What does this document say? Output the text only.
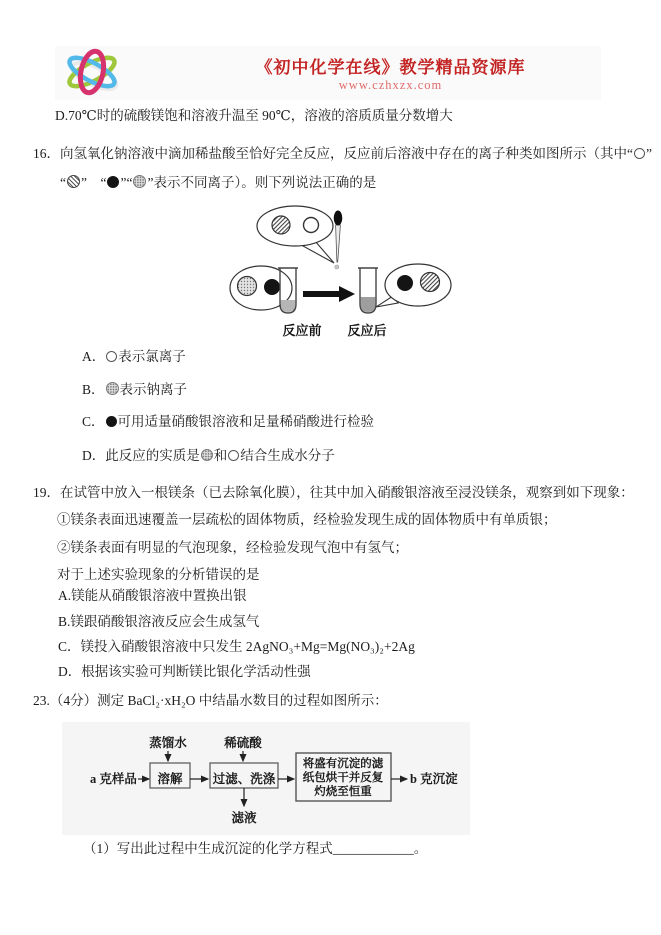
《初中化学在线》教学精品资源库
www.czhxzx.com
D.70℃时的硫酸镁饱和溶液升温至 90℃，溶液的溶质质量分数增大
16．向氢氧化钠溶液中滴加稀盐酸至恰好完全反应，反应前后溶液中存在的离子种类如图所示（其中“ ”
“ ”　“ ”“ ”表示不同离子）。则下列说法正确的是
反应前 反应后
A． 表示氯离子
B． 表示钠离子
C． 可用适量硝酸银溶液和足量稀硝酸进行检验
D．此反应的实质是 和 结合生成水分子
19．在试管中放入一根镁条（已去除氧化膜），往其中加入硝酸银溶液至浸没镁条，观察到如下现象：
①镁条表面迅速覆盖一层疏松的固体物质，经检验发现生成的固体物质中有单质银；
②镁条表面有明显的气泡现象，经检验发现气泡中有氢气；
对于上述实验现象的分析错误的是
A.镁能从硝酸银溶液中置换出银
B.镁跟硝酸银溶液反应会生成氢气
C．镁投入硝酸银溶液中只发生 2AgNO₃+Mg=Mg(NO₃)₂+2Ag
D．根据该实验可判断镁比银化学活动性强
23.（4分）测定 BaCl₂·xH₂O 中结晶水数目的过程如图所示：
蒸馏水	稀硫酸
a 克样品 溶解 过滤、洗涤
滤液
将盛有沉淀的滤
纸包烘干并反复
灼烧至恒重
b 克沉淀
（1）写出此过程中生成沉淀的化学方程式____________。
